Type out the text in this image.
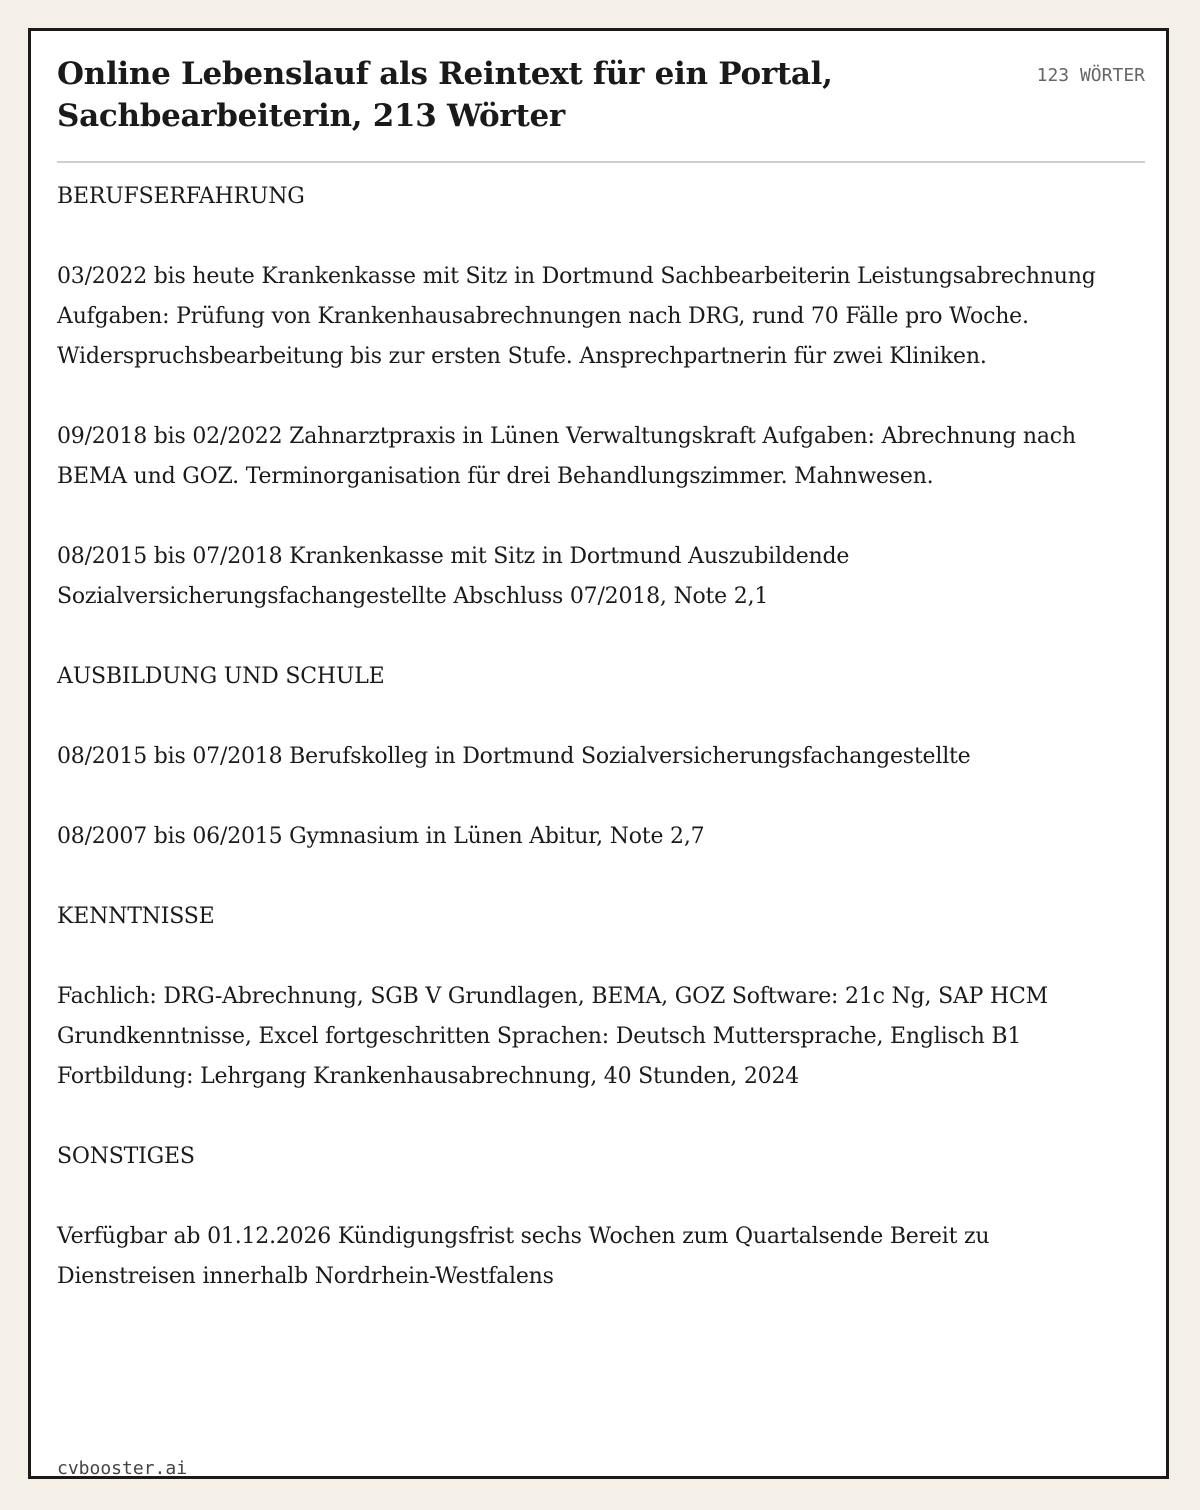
Online Lebenslauf als Reintext für ein Portal, Sachbearbeiterin, 213 Wörter
123 WÖRTER

BERUFSERFAHRUNG

03/2022 bis heute Krankenkasse mit Sitz in Dortmund Sachbearbeiterin Leistungsabrechnung Aufgaben: Prüfung von Krankenhausabrechnungen nach DRG, rund 70 Fälle pro Woche. Widerspruchsbearbeitung bis zur ersten Stufe. Ansprechpartnerin für zwei Kliniken.

09/2018 bis 02/2022 Zahnarztpraxis in Lünen Verwaltungskraft Aufgaben: Abrechnung nach BEMA und GOZ. Terminorganisation für drei Behandlungszimmer. Mahnwesen.

08/2015 bis 07/2018 Krankenkasse mit Sitz in Dortmund Auszubildende Sozialversicherungsfachangestellte Abschluss 07/2018, Note 2,1

AUSBILDUNG UND SCHULE

08/2015 bis 07/2018 Berufskolleg in Dortmund Sozialversicherungsfachangestellte

08/2007 bis 06/2015 Gymnasium in Lünen Abitur, Note 2,7

KENNTNISSE

Fachlich: DRG-Abrechnung, SGB V Grundlagen, BEMA, GOZ Software: 21c Ng, SAP HCM Grundkenntnisse, Excel fortgeschritten Sprachen: Deutsch Muttersprache, Englisch B1 Fortbildung: Lehrgang Krankenhausabrechnung, 40 Stunden, 2024

SONSTIGES

Verfügbar ab 01.12.2026 Kündigungsfrist sechs Wochen zum Quartalsende Bereit zu Dienstreisen innerhalb Nordrhein-Westfalens

cvbooster.ai
